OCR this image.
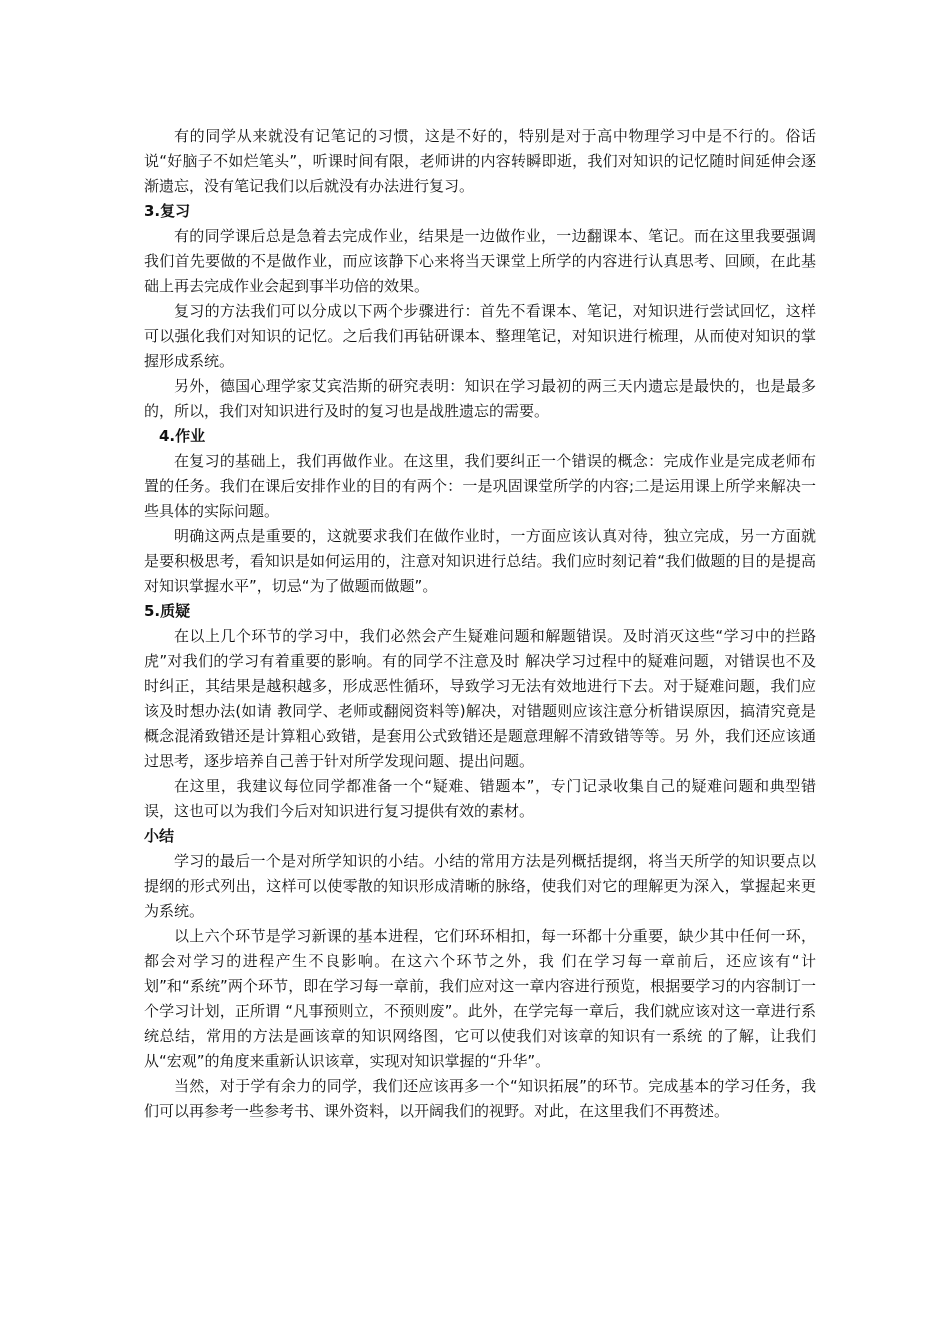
有的同学从来就没有记笔记的习惯，这是不好的，特别是对于高中物理学习中是不行的。俗话说“好脑子不如烂笔头”，听课时间有限，老师讲的内容转瞬即逝，我们对知识的记忆随时间延伸会逐渐遗忘，没有笔记我们以后就没有办法进行复习。

3.复习

有的同学课后总是急着去完成作业，结果是一边做作业，一边翻课本、笔记。而在这里我要强调我们首先要做的不是做作业，而应该静下心来将当天课堂上所学的内容进行认真思考、回顾，在此基础上再去完成作业会起到事半功倍的效果。

复习的方法我们可以分成以下两个步骤进行：首先不看课本、笔记，对知识进行尝试回忆，这样可以强化我们对知识的记忆。之后我们再钻研课本、整理笔记，对知识进行梳理，从而使对知识的掌握形成系统。

另外，德国心理学家艾宾浩斯的研究表明：知识在学习最初的两三天内遗忘是最快的，也是最多的，所以，我们对知识进行及时的复习也是战胜遗忘的需要。

4.作业

在复习的基础上，我们再做作业。在这里，我们要纠正一个错误的概念：完成作业是完成老师布置的任务。我们在课后安排作业的目的有两个：一是巩固课堂所学的内容;二是运用课上所学来解决一些具体的实际问题。

明确这两点是重要的，这就要求我们在做作业时，一方面应该认真对待，独立完成，另一方面就是要积极思考，看知识是如何运用的，注意对知识进行总结。我们应时刻记着“我们做题的目的是提高对知识掌握水平”，切忌“为了做题而做题”。

5.质疑

在以上几个环节的学习中，我们必然会产生疑难问题和解题错误。及时消灭这些“学习中的拦路虎”对我们的学习有着重要的影响。有的同学不注意及时 解决学习过程中的疑难问题，对错误也不及时纠正，其结果是越积越多，形成恶性循环，导致学习无法有效地进行下去。对于疑难问题，我们应该及时想办法(如请 教同学、老师或翻阅资料等)解决，对错题则应该注意分析错误原因，搞清究竟是概念混淆致错还是计算粗心致错，是套用公式致错还是题意理解不清致错等等。另 外，我们还应该通过思考，逐步培养自己善于针对所学发现问题、提出问题。

在这里，我建议每位同学都准备一个“疑难、错题本”，专门记录收集自己的疑难问题和典型错误，这也可以为我们今后对知识进行复习提供有效的素材。

小结

学习的最后一个是对所学知识的小结。小结的常用方法是列概括提纲，将当天所学的知识要点以提纲的形式列出，这样可以使零散的知识形成清晰的脉络，使我们对它的理解更为深入，掌握起来更为系统。

以上六个环节是学习新课的基本进程，它们环环相扣，每一环都十分重要，缺少其中任何一环，都会对学习的进程产生不良影响。在这六个环节之外，我 们在学习每一章前后，还应该有“计划”和“系统”两个环节，即在学习每一章前，我们应对这一章内容进行预览，根据要学习的内容制订一个学习计划，正所谓 “凡事预则立，不预则废”。此外，在学完每一章后，我们就应该对这一章进行系统总结，常用的方法是画该章的知识网络图，它可以使我们对该章的知识有一系统 的了解，让我们从“宏观”的角度来重新认识该章，实现对知识掌握的“升华”。

当然，对于学有余力的同学，我们还应该再多一个“知识拓展”的环节。完成基本的学习任务，我们可以再参考一些参考书、课外资料，以开阔我们的视野。对此，在这里我们不再赘述。
